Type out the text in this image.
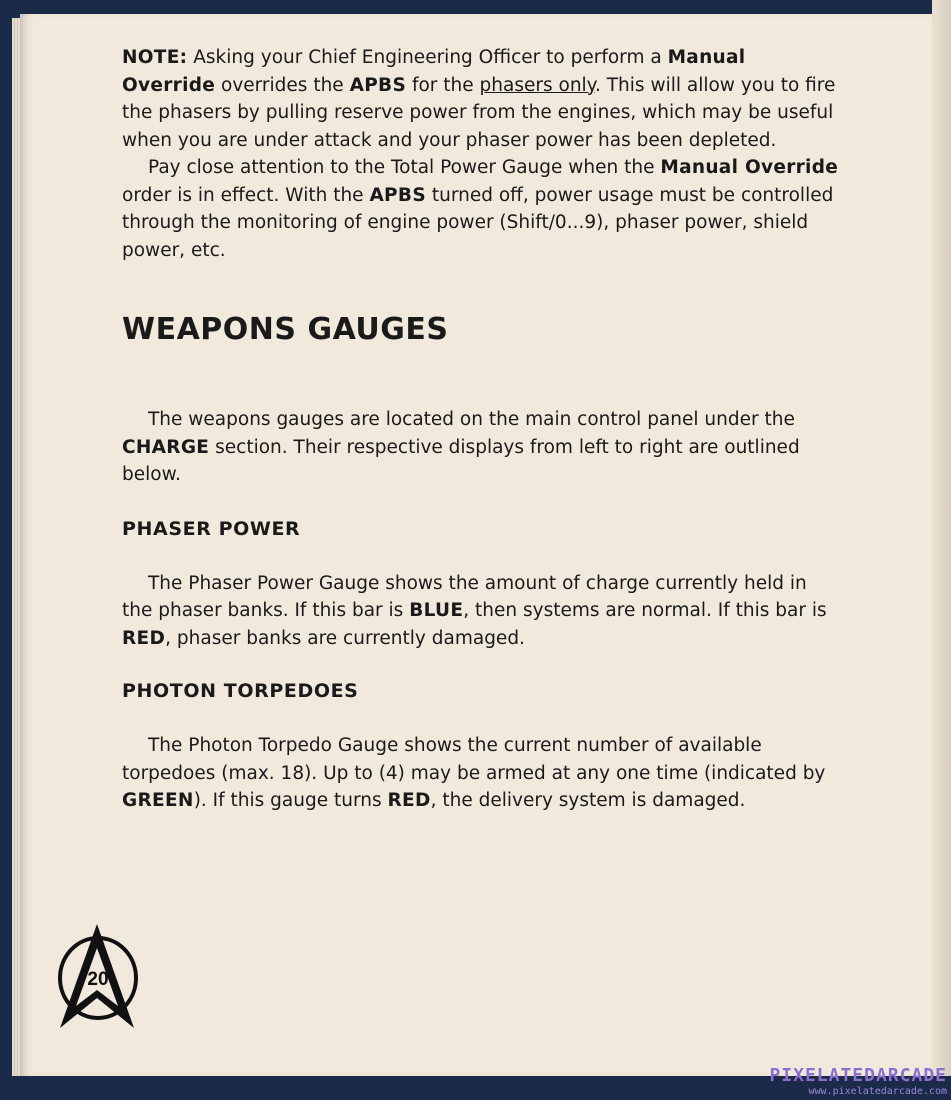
NOTE: Asking your Chief Engineering Officer to perform a Manual Override overrides the APBS for the phasers only. This will allow you to fire the phasers by pulling reserve power from the engines, which may be useful when you are under attack and your phaser power has been depleted.

Pay close attention to the Total Power Gauge when the Manual Override order is in effect. With the APBS turned off, power usage must be controlled through the monitoring of engine power (Shift/0...9), phaser power, shield power, etc.

WEAPONS GAUGES

The weapons gauges are located on the main control panel under the CHARGE section. Their respective displays from left to right are outlined below.

PHASER POWER

The Phaser Power Gauge shows the amount of charge currently held in the phaser banks. If this bar is BLUE, then systems are normal. If this bar is RED, phaser banks are currently damaged.

PHOTON TORPEDOES

The Photon Torpedo Gauge shows the current number of available torpedoes (max. 18). Up to (4) may be armed at any one time (indicated by GREEN). If this gauge turns RED, the delivery system is damaged.

20
PIXELATEDARCADE
www.pixelatedarcade.com
